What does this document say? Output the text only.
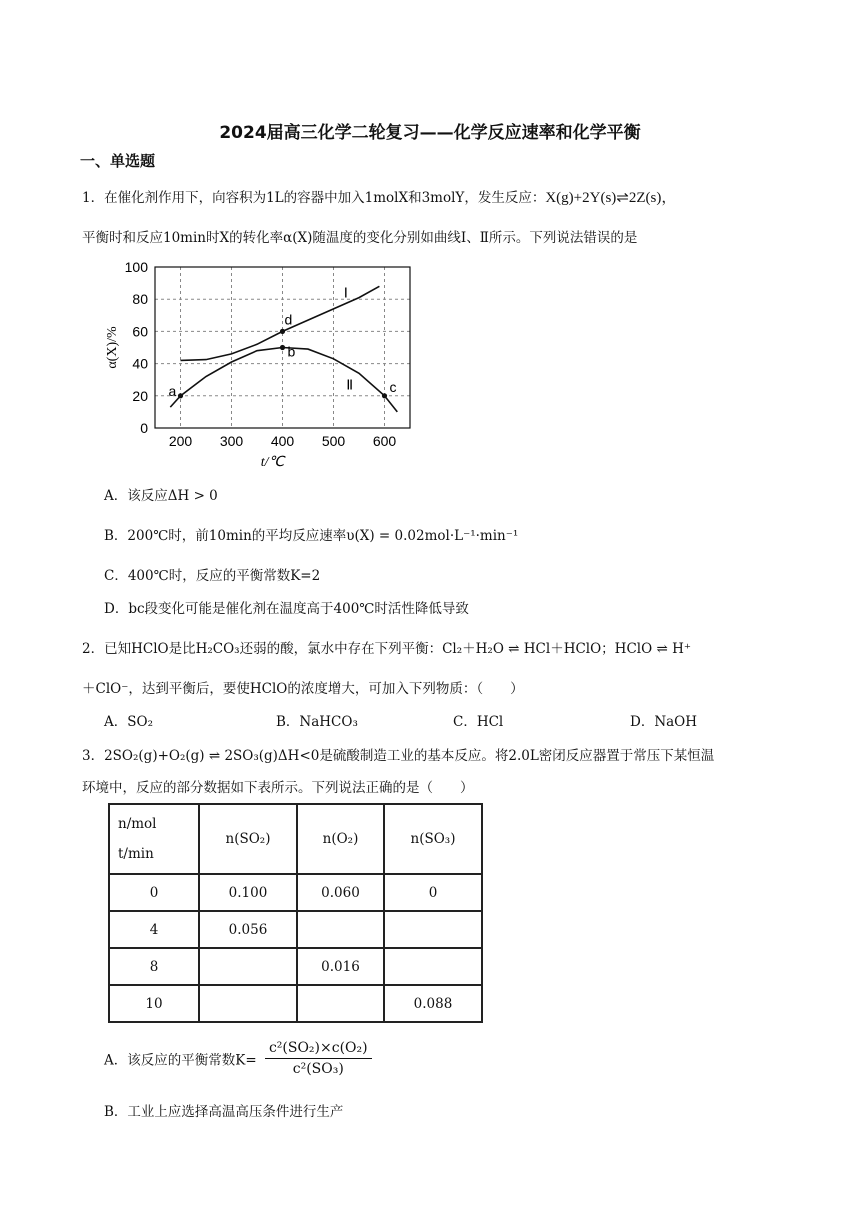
2024届高三化学二轮复习——化学反应速率和化学平衡
一、单选题
1．在催化剂作用下，向容积为1L的容器中加入1molX和3molY，发生反应：X(g)+2Y(s)⇌2Z(s)，
平衡时和反应10min时X的转化率α(X)随温度的变化分别如曲线Ⅰ、Ⅱ所示。下列说法错误的是
200 300 400 500 600
0
20
40
60
80
100
t/℃
α(X)/%
Ⅰ
Ⅱ
a
d
b
c
A．该反应ΔH > 0
B．200℃时，前10min的平均反应速率υ(X) = 0.02mol·L⁻¹·min⁻¹
C．400℃时，反应的平衡常数K=2
D．bc段变化可能是催化剂在温度高于400℃时活性降低导致
2．已知HClO是比H₂CO₃还弱的酸，氯水中存在下列平衡：Cl₂＋H₂O ⇌ HCl＋HClO；HClO ⇌ H⁺
＋ClO⁻，达到平衡后，要使HClO的浓度增大，可加入下列物质：（　　）
A．SO₂	B．NaHCO₃	C．HCl	D．NaOH
3．2SO₂(g)+O₂(g) ⇌ 2SO₃(g)ΔH<0是硫酸制造工业的基本反应。将2.0L密闭反应器置于常压下某恒温
环境中，反应的部分数据如下表所示。下列说法正确的是（　　）
n/mol
t/min	n(SO₂)	n(O₂)	n(SO₃)
0	0.100	0.060	0
4	0.056		
8		0.016	
10			0.088
A．该反应的平衡常数$K= \frac{\text{c²(SO₂)×c(O₂)}}{\text{c²(SO₃)}}$
B．工业上应选择高温高压条件进行生产
